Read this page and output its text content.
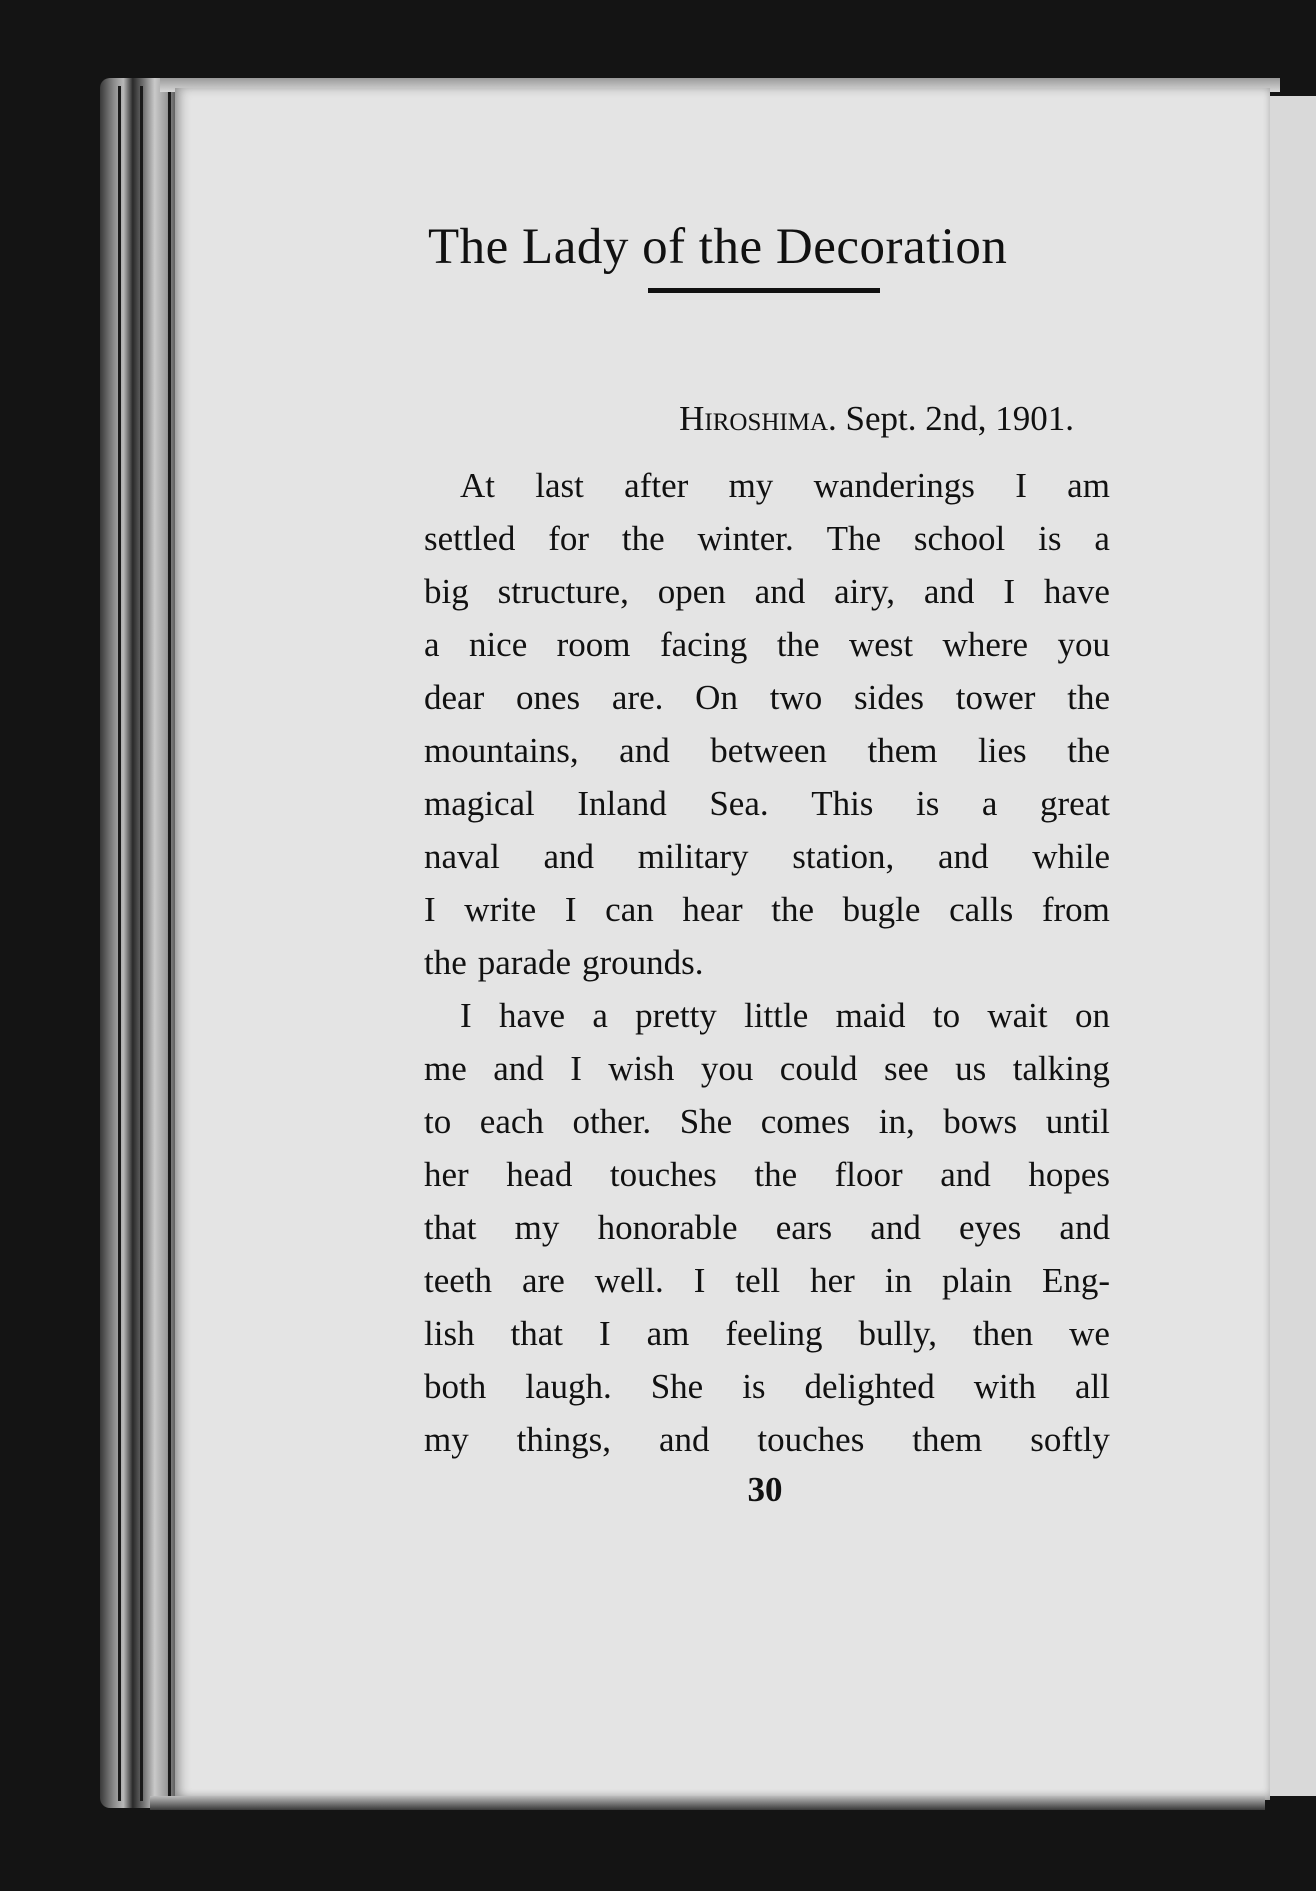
The Lady of the Decoration
Hiroshima. Sept. 2nd, 1901.
At last after my wanderings I am
settled for the winter. The school is a
big structure, open and airy, and I have
a nice room facing the west where you
dear ones are. On two sides tower the
mountains, and between them lies the
magical Inland Sea. This is a great
naval and military station, and while
I write I can hear the bugle calls from
the parade grounds.
I have a pretty little maid to wait on
me and I wish you could see us talking
to each other. She comes in, bows until
her head touches the floor and hopes
that my honorable ears and eyes and
teeth are well. I tell her in plain Eng-
lish that I am feeling bully, then we
both laugh. She is delighted with all
my things, and touches them softly
30
